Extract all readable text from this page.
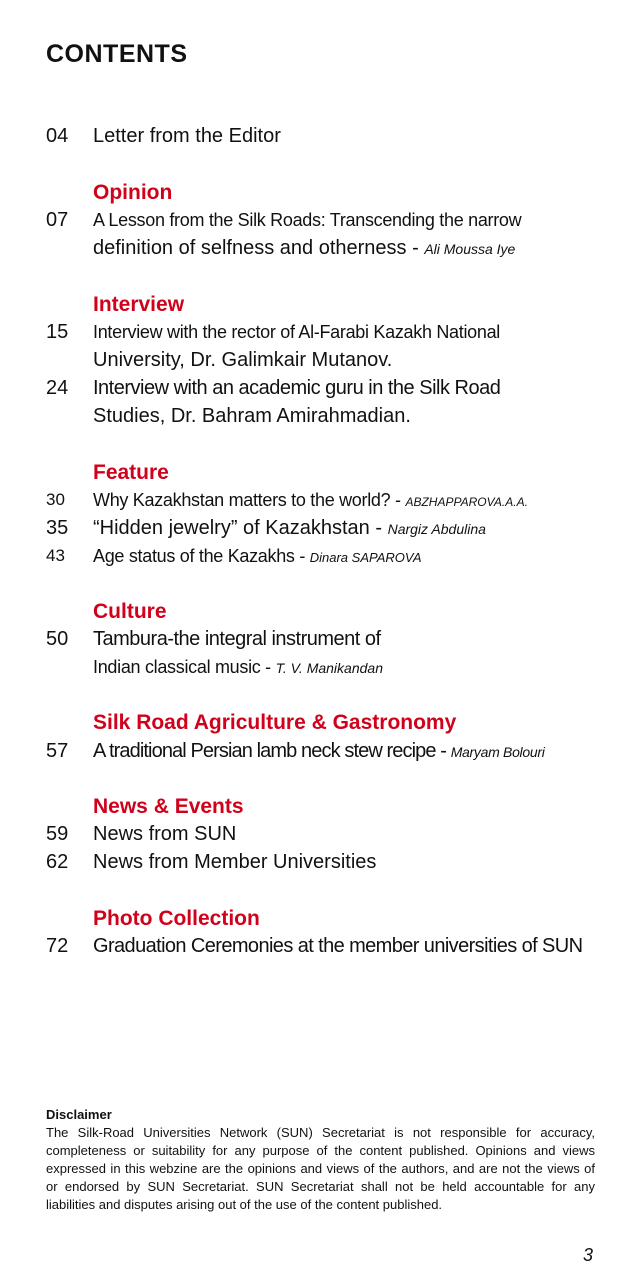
CONTENTS
04	Letter from the Editor
Opinion
07	A Lesson from the Silk Roads: Transcending the narrow
definition of selfness and otherness - Ali Moussa Iye
Interview
15	Interview with the rector of Al-Farabi Kazakh National
University, Dr. Galimkair Mutanov.
24	Interview with an academic guru in the Silk Road
Studies, Dr. Bahram Amirahmadian.
Feature
30	Why Kazakhstan matters to the world? - ABZHAPPAROVA.A.A.
35	“Hidden jewelry” of Kazakhstan - Nargiz Abdulina
43	Age status of the Kazakhs - Dinara SAPAROVA
Culture
50	Tambura-the integral instrument of
Indian classical music - T. V. Manikandan
Silk Road Agriculture & Gastronomy
57	A traditional Persian lamb neck stew recipe - Maryam Bolouri
News & Events
59	News from SUN
62	News from Member Universities
Photo Collection
72	Graduation Ceremonies at the member universities of SUN

Disclaimer

The Silk-Road Universities Network (SUN) Secretariat is not responsible for accuracy, completeness or suitability for any purpose of the content published. Opinions and views expressed in this webzine are the opinions and views of the authors, and are not the views of or endorsed by SUN Secretariat. SUN Secretariat shall not be held accountable for any liabilities and disputes arising out of the use of the content published.

3
